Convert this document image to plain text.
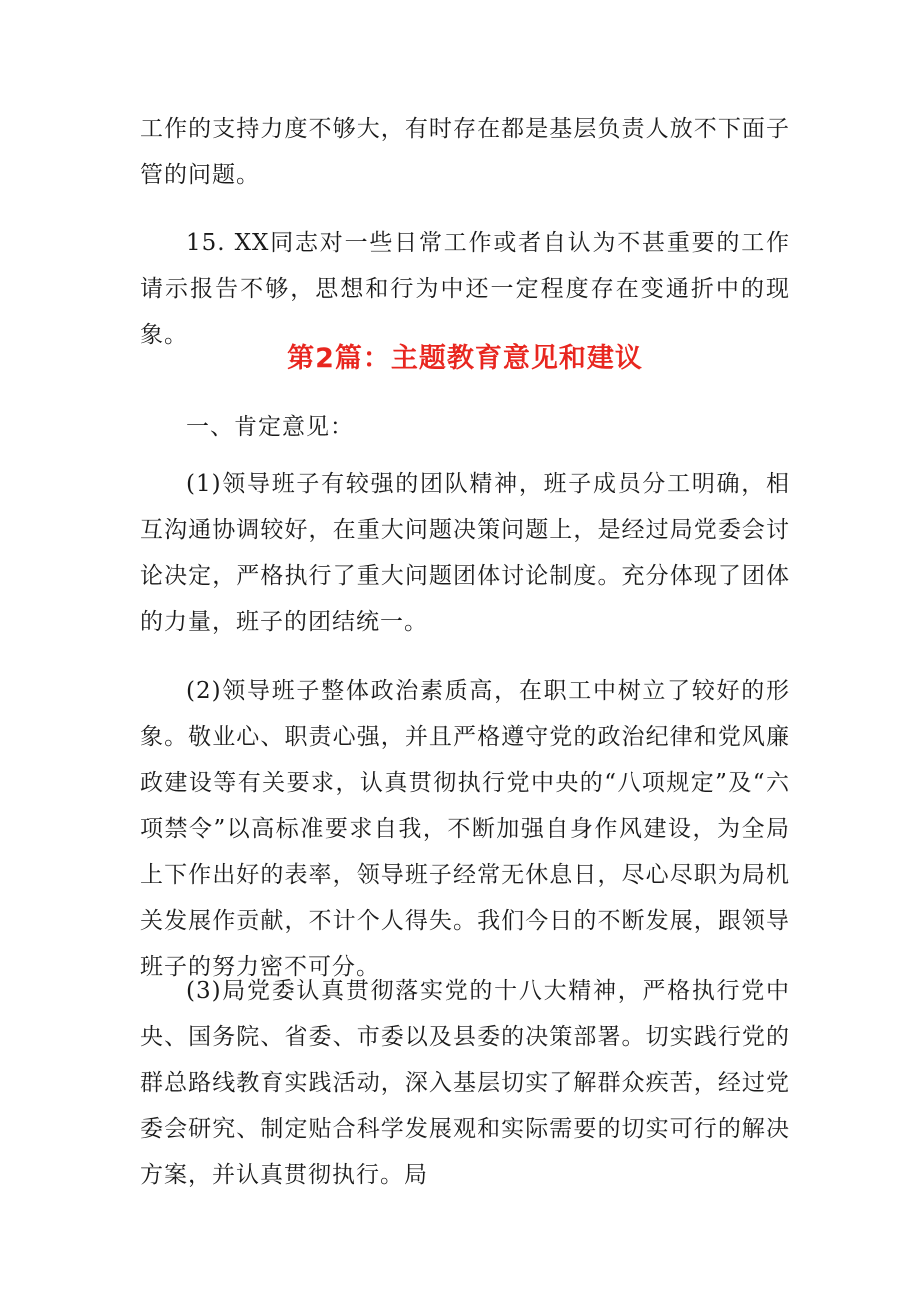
工作的支持力度不够大，有时存在都是基层负责人放不下面子管的问题。

15. XX同志对一些日常工作或者自认为不甚重要的工作请示报告不够，思想和行为中还一定程度存在变通折中的现象。

第2篇：主题教育意见和建议

一、肯定意见：

(1)领导班子有较强的团队精神，班子成员分工明确，相互沟通协调较好，在重大问题决策问题上，是经过局党委会讨论决定，严格执行了重大问题团体讨论制度。充分体现了团体的力量，班子的团结统一。

(2)领导班子整体政治素质高，在职工中树立了较好的形象。敬业心、职责心强，并且严格遵守党的政治纪律和党风廉政建设等有关要求，认真贯彻执行党中央的“八项规定”及“六项禁令”以高标准要求自我，不断加强自身作风建设，为全局上下作出好的表率，领导班子经常无休息日，尽心尽职为局机关发展作贡献，不计个人得失。我们今日的不断发展，跟领导班子的努力密不可分。

(3)局党委认真贯彻落实党的十八大精神，严格执行党中央、国务院、省委、市委以及县委的决策部署。切实践行党的群总路线教育实践活动，深入基层切实了解群众疾苦，经过党委会研究、制定贴合科学发展观和实际需要的切实可行的解决方案，并认真贯彻执行。局
